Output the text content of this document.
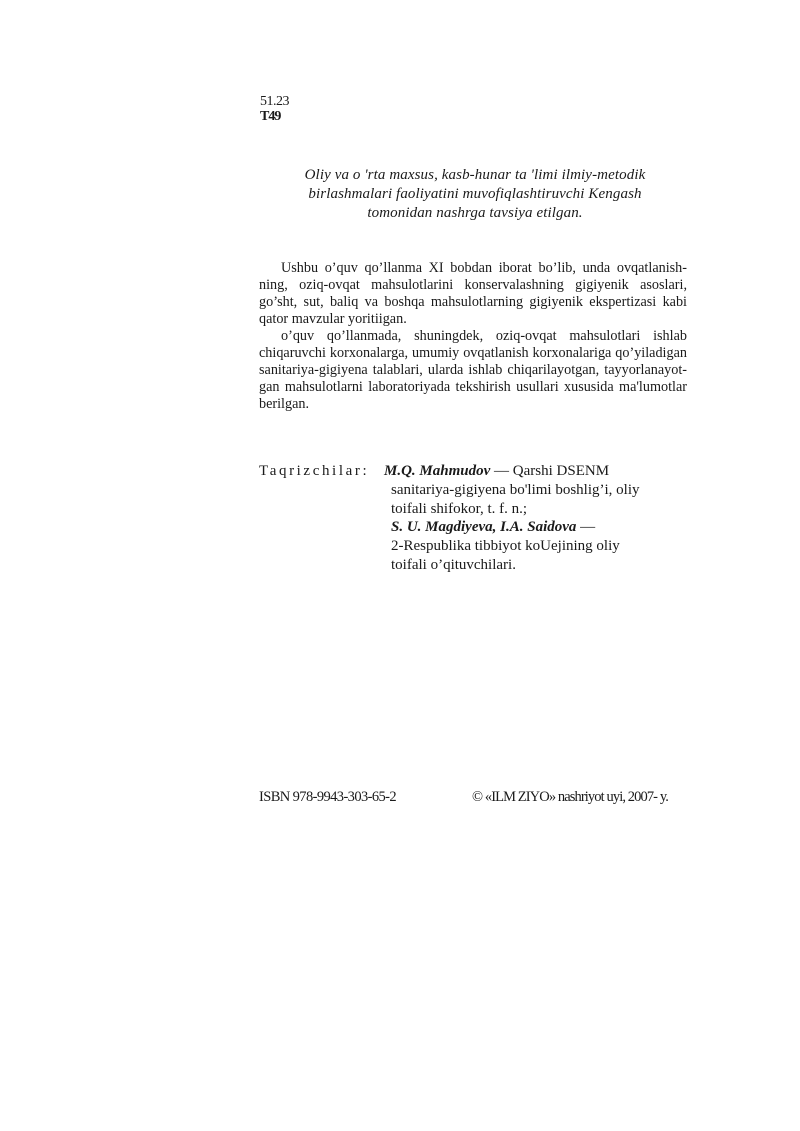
51.23
T49
Oliy va o 'rta maxsus, kasb-hunar ta 'limi ilmiy-metodik
birlashmalari faoliyatini muvofiqlashtiruvchi Kengash
tomonidan nashrga tavsiya etilgan.

Ushbu o’quv qo’llanma XI bobdan iborat bo’lib, unda ovqatlanish-ning, oziq-ovqat mahsulotlarini konservalashning gigiyenik asoslari, go’sht, sut, baliq va boshqa mahsulotlarning gigiyenik ekspertizasi kabi qator mavzular yoritiigan.

o’quv qo’llanmada, shuningdek, oziq-ovqat mahsulotlari ishlab chiqaruvchi korxonalarga, umumiy ovqatlanish korxonalariga qo’yiladigan sanitariya-gigiyena talablari, ularda ishlab chiqarilayotgan, tayyorlanayot-gan mahsulotlarni laboratoriyada tekshirish usullari xususida ma'lumotlar berilgan.

Taqrizchilar: M.Q. Mahmudov — Qarshi DSENM
sanitariya-gigiyena bo'limi boshlig’i, oliy
toifali shifokor, t. f. n.;
S. U. Magdiyeva, I.A. Saidova —
2-Respublika tibbiyot koUejining oliy
toifali o’qituvchilari.
ISBN 978-9943-303-65-2	© «ILM ZIYO» nashriyot uyi, 2007- y.
